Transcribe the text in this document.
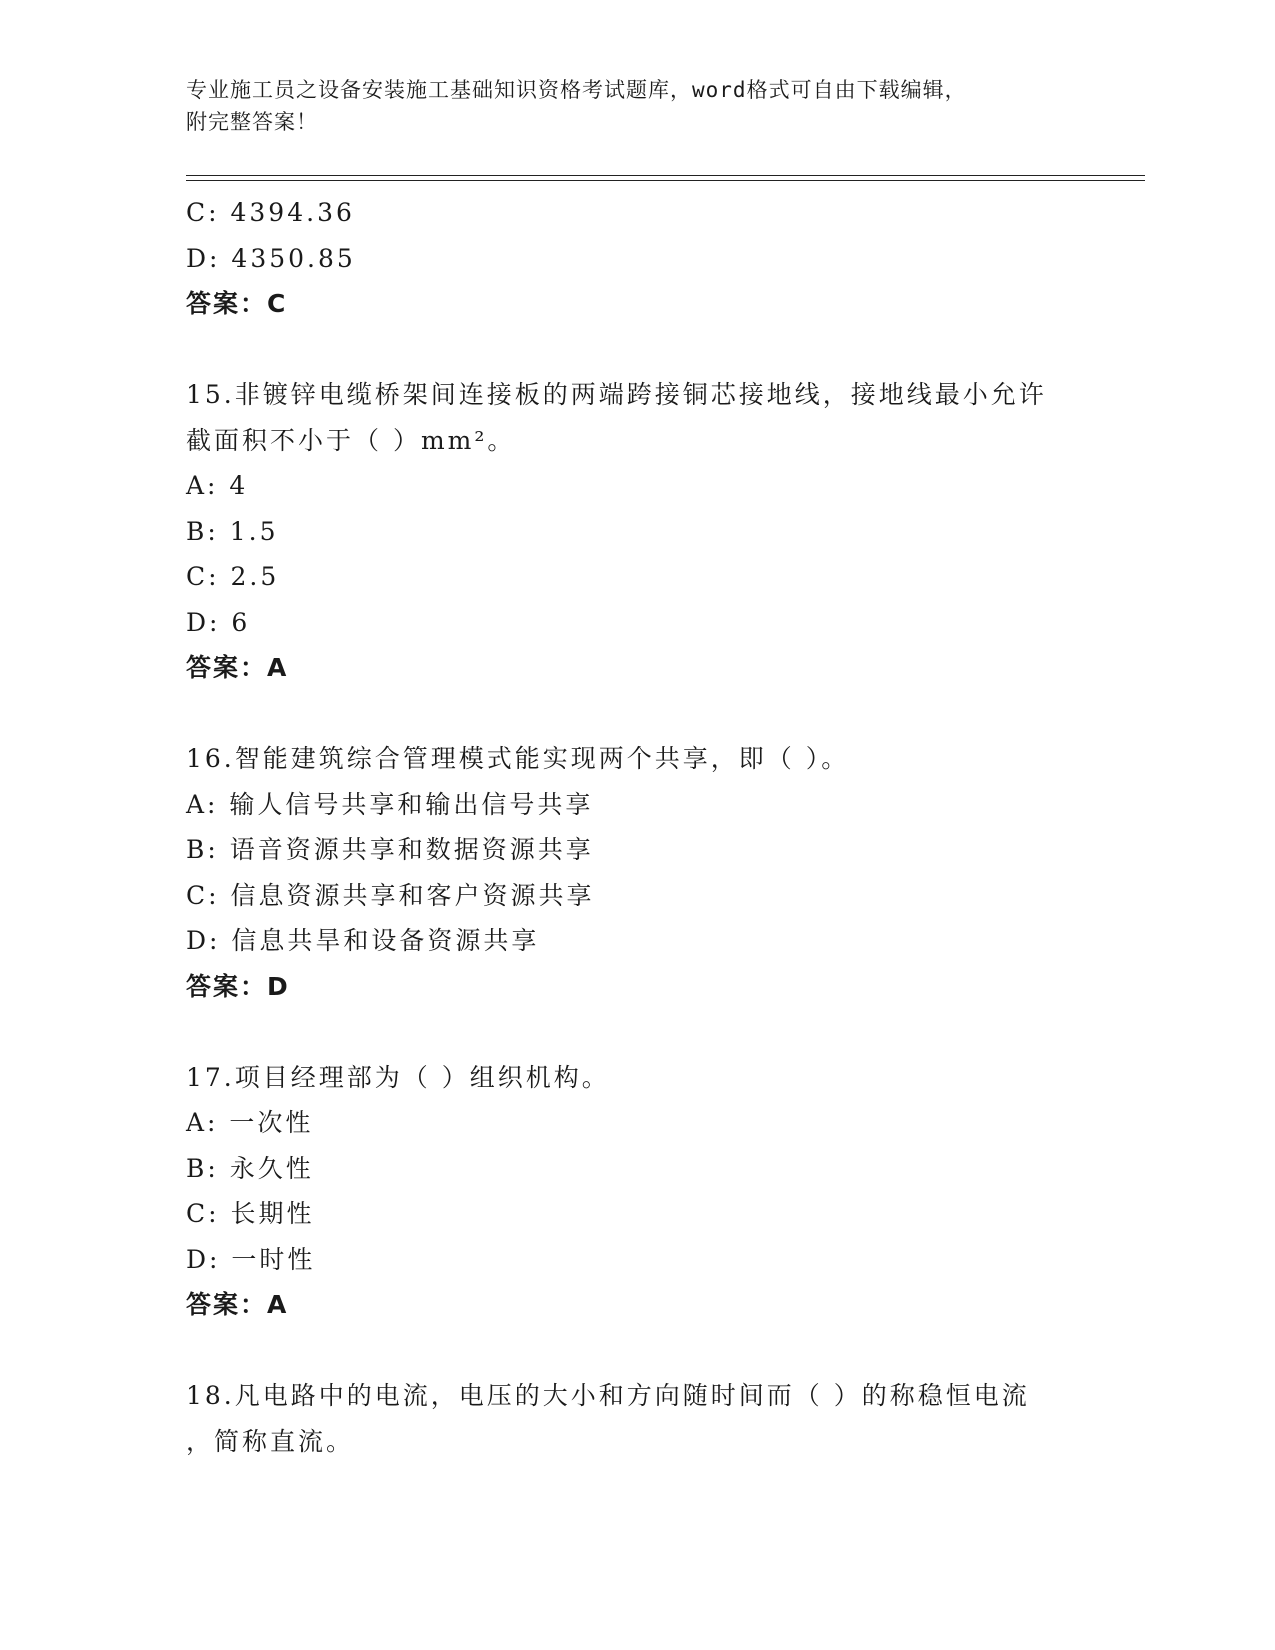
专业施工员之设备安装施工基础知识资格考试题库，word格式可自由下载编辑，
附完整答案！
C: 4394.36
D: 4350.85
答案：C
15.非镀锌电缆桥架间连接板的两端跨接铜芯接地线，接地线最小允许
截面积不小于（ ）mm²。
A: 4
B: 1.5
C: 2.5
D: 6
答案：A
16.智能建筑综合管理模式能实现两个共享，即（ ）。
A: 输人信号共享和输出信号共享
B: 语音资源共享和数据资源共享
C: 信息资源共享和客户资源共享
D: 信息共旱和设备资源共享
答案：D
17.项目经理部为（ ）组织机构。
A: 一次性
B: 永久性
C: 长期性
D: 一时性
答案：A
18.凡电路中的电流，电压的大小和方向随时间而（ ）的称稳恒电流
，简称直流。
